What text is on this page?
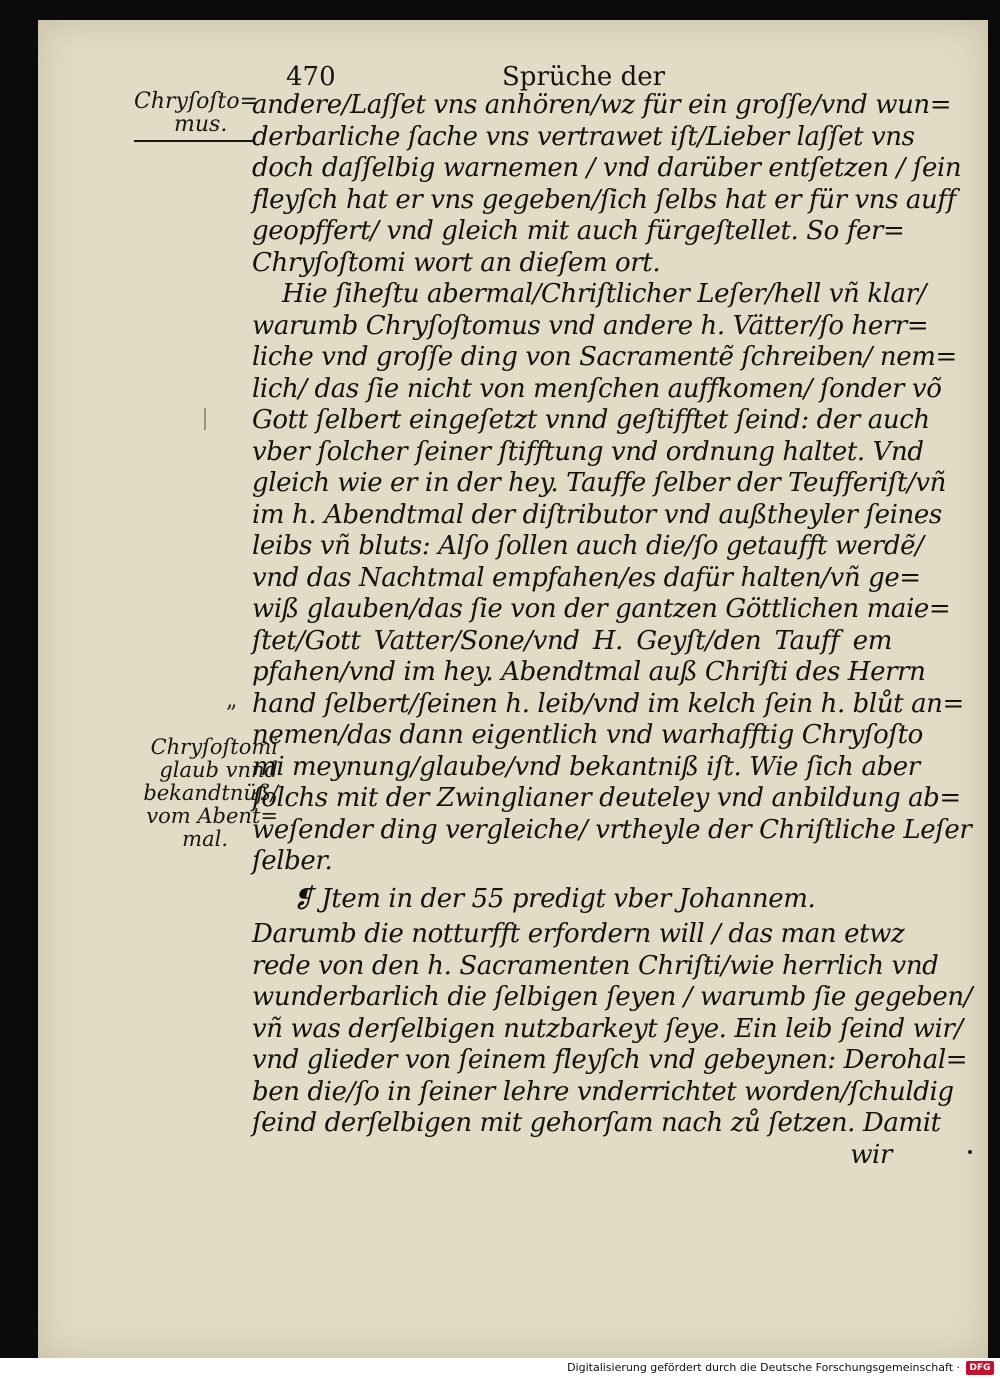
470	Sprüche der
Chryſoſto=
mus.
„
Chryſoſtomi
glaub vnnd
bekandtnüß/
vom Abent=
mal.
andere/Laſſet vns anhören/wz für ein groſſe/vnd wun=
derbarliche ſache vns vertrawet iſt/Lieber laſſet vns
doch daſſelbig warnemen / vnd darüber entſetzen / ſein
fleyſch hat er vns gegeben/ſich ſelbs hat er für vns auff
geopffert/ vnd gleich mit auch fürgeſtellet. So fer=
Chryſoſtomi wort an dieſem ort.
Hie ſiheſtu abermal/Chriſtlicher Leſer/hell vñ klar/
warumb Chryſoſtomus vnd andere h. Vätter/ſo herr=
liche vnd groſſe ding von Sacramentẽ ſchreiben/ nem=
lich/ das ſie nicht von menſchen auffkomen/ ſonder võ
Gott ſelbert eingeſetzt vnnd geſtifftet ſeind: der auch
vber ſolcher ſeiner ſtifftung vnd ordnung haltet. Vnd
gleich wie er in der hey. Tauffe ſelber der Teufferiſt/vñ
im h. Abendtmal der diſtributor vnd außtheyler ſeines
leibs vñ bluts: Alſo ſollen auch die/ſo getaufft werdẽ/
vnd das Nachtmal empfahen/es dafür halten/vñ ge=
wiß glauben/das ſie von der gantzen Göttlichen maie=
ſtet/Gott Vatter/Sone/vnd H. Geyſt/den Tauff em
pfahen/vnd im hey. Abendtmal auß Chriſti des Herrn
hand ſelbert/ſeinen h. leib/vnd im kelch ſein h. blůt an=
nemen/das dann eigentlich vnd warhafftig Chryſoſto
mi meynung/glaube/vnd bekantniß iſt. Wie ſich aber
ſolchs mit der Zwinglianer deuteley vnd anbildung ab=
weſender ding vergleiche/ vrtheyle der Chriſtliche Leſer
ſelber.
❡ Jtem in der 55 predigt vber Johannem.
Darumb die notturfft erfordern will / das man etwz
rede von den h. Sacramenten Chriſti/wie herrlich vnd
wunderbarlich die ſelbigen ſeyen / warumb ſie gegeben/
vñ was derſelbigen nutzbarkeyt ſeye. Ein leib ſeind wir/
vnd glieder von ſeinem fleyſch vnd gebeynen: Derohal=
ben die/ſo in ſeiner lehre vnderrichtet worden/ſchuldig
ſeind derſelbigen mit gehorſam nach zů ſetzen. Damit
wir
Digitalisierung gefördert durch die Deutsche Forschungsgemeinschaft ·	DFG
